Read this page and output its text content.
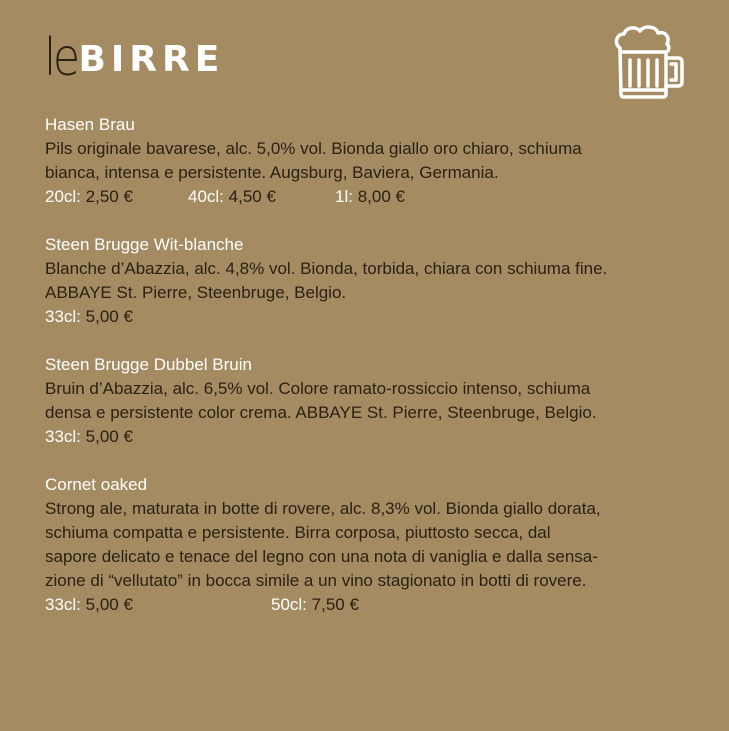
le BIRRE
Hasen Brau
Pils originale bavarese, alc. 5,0% vol. Bionda giallo oro chiaro, schiuma
bianca, intensa e persistente. Augsburg, Baviera, Germania.
20cl: 2,50 €	40cl: 4,50 €	1l: 8,00 €
Steen Brugge Wit-blanche
Blanche d’Abazzia, alc. 4,8% vol. Bionda, torbida, chiara con schiuma fine.
ABBAYE St. Pierre, Steenbruge, Belgio.
33cl: 5,00 €
Steen Brugge Dubbel Bruin
Bruin d’Abazzia, alc. 6,5% vol. Colore ramato-rossiccio intenso, schiuma
densa e persistente color crema. ABBAYE St. Pierre, Steenbruge, Belgio.
33cl: 5,00 €
Cornet oaked
Strong ale, maturata in botte di rovere, alc. 8,3% vol. Bionda giallo dorata,
schiuma compatta e persistente. Birra corposa, piuttosto secca, dal
sapore delicato e tenace del legno con una nota di vaniglia e dalla sensa-
zione di “vellutato” in bocca simile a un vino stagionato in botti di rovere.
33cl: 5,00 €	50cl: 7,50 €
